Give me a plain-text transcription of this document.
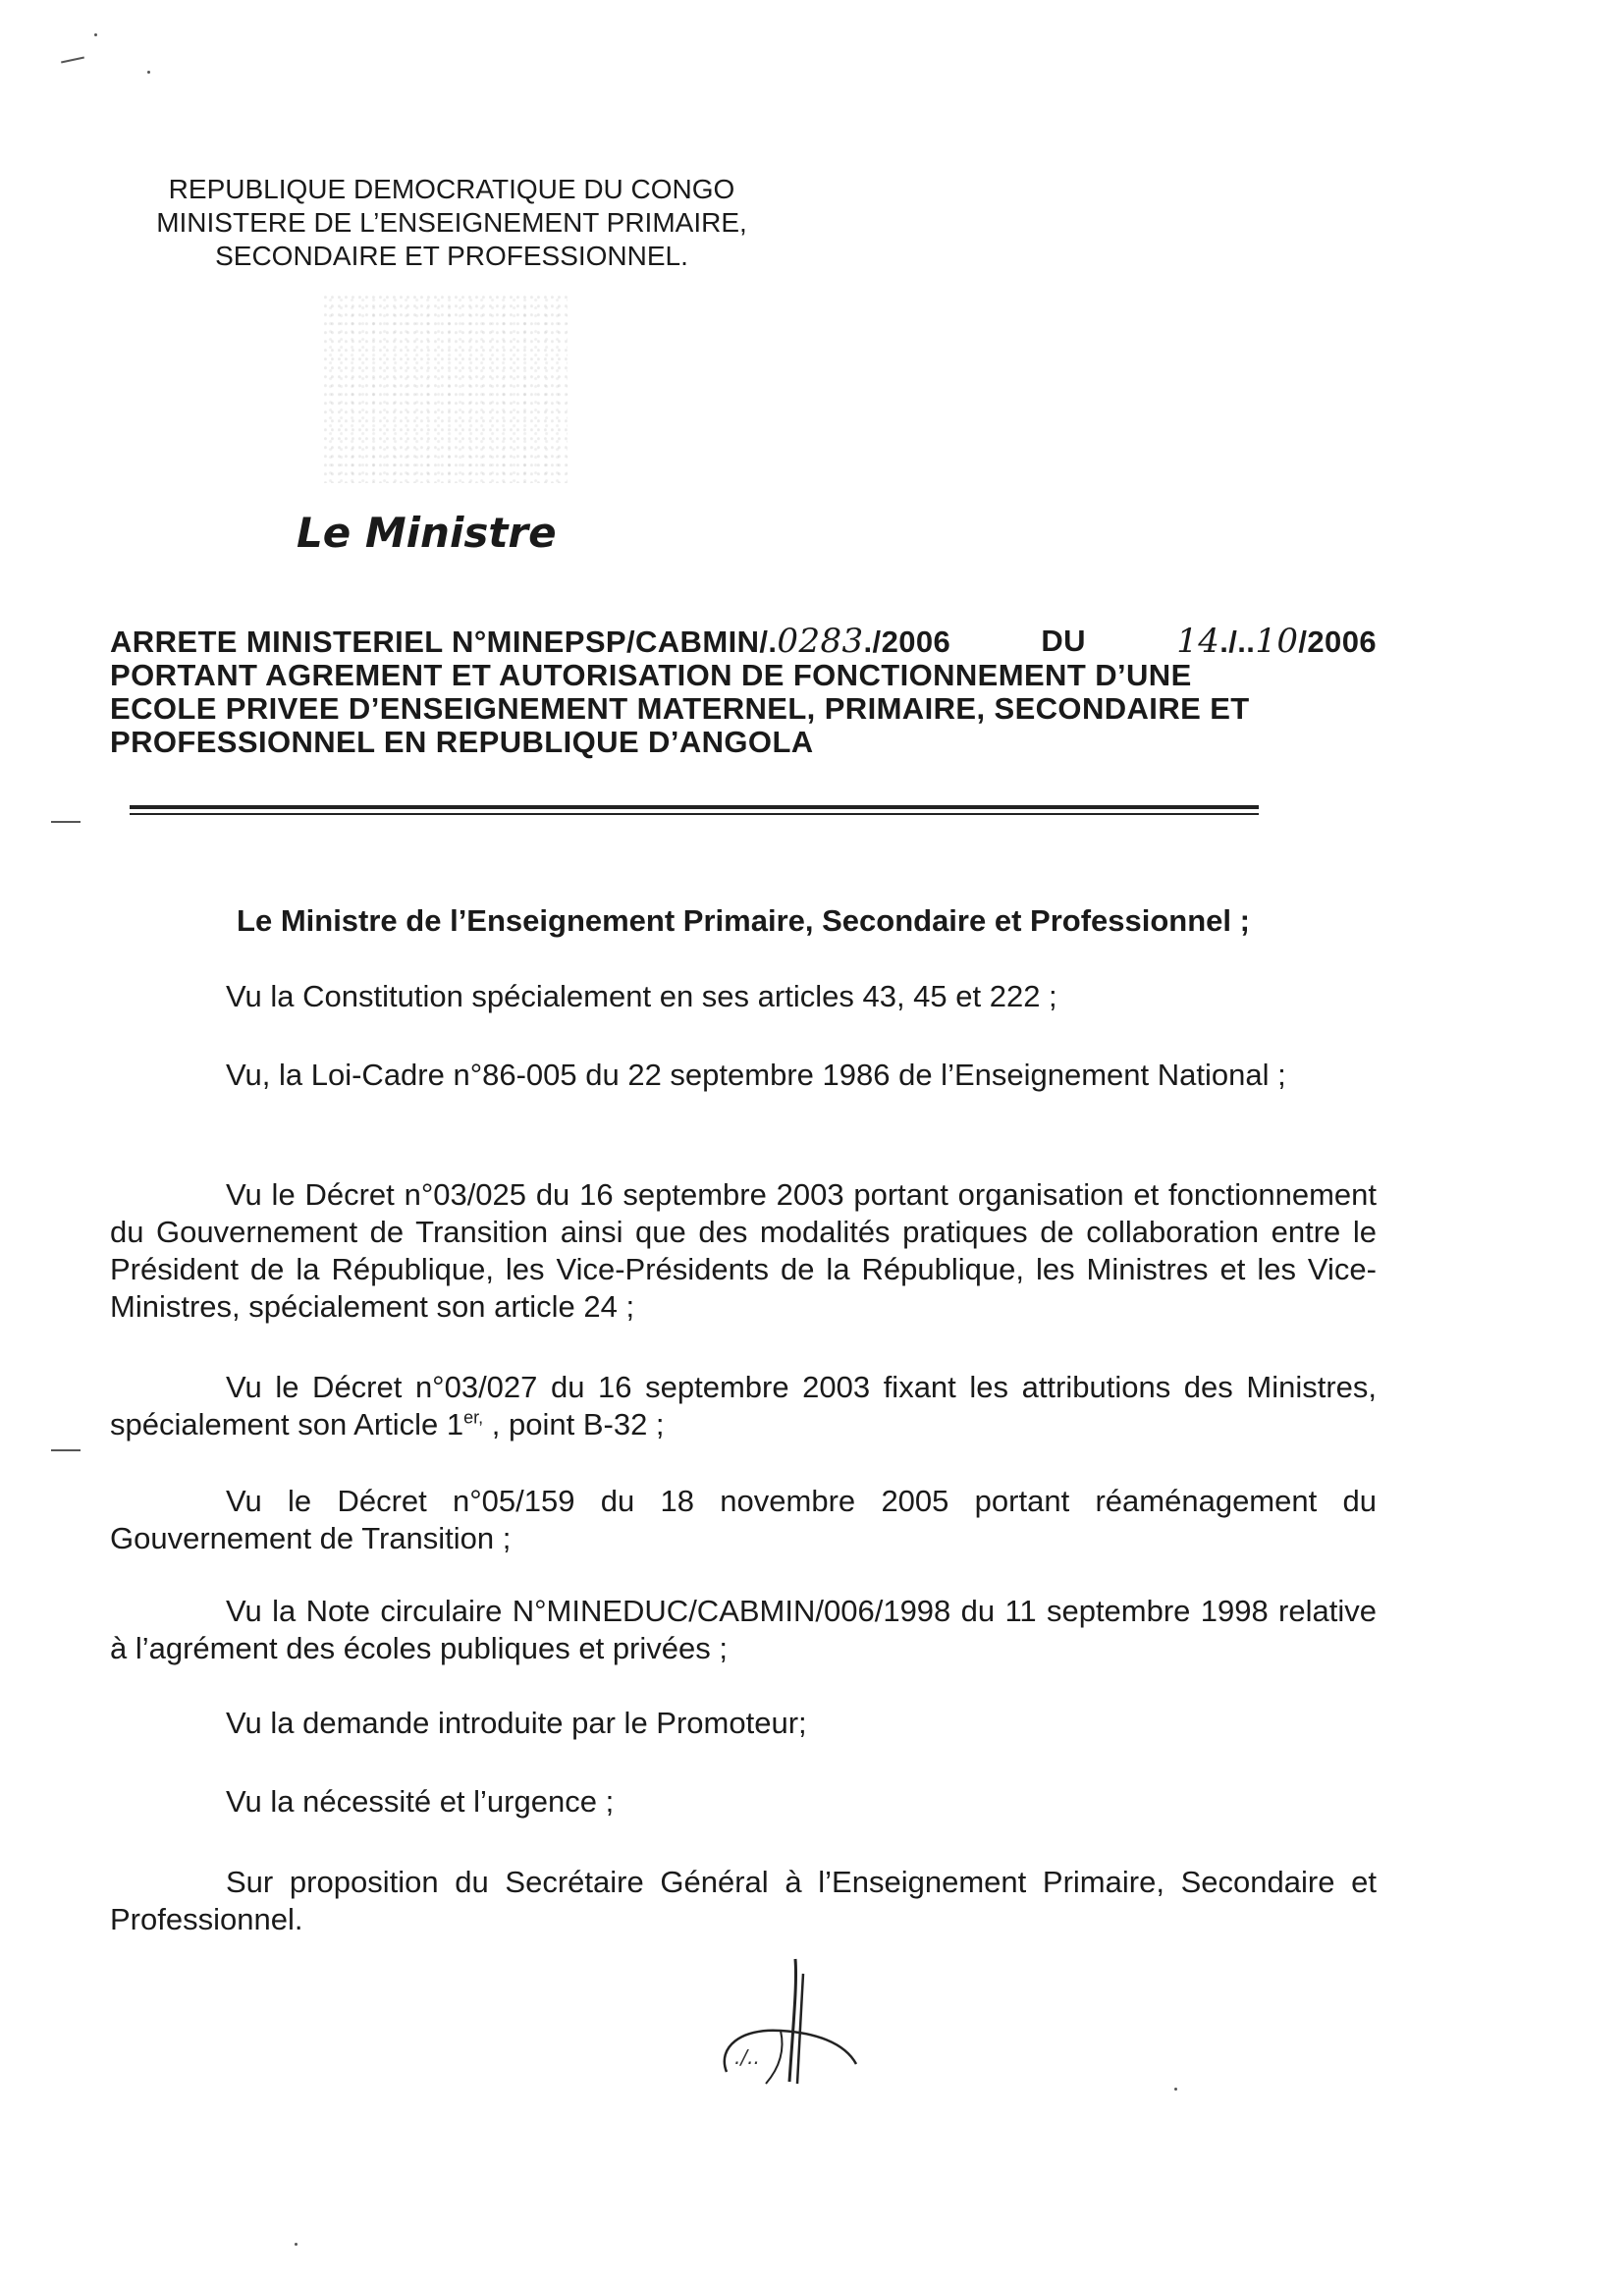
REPUBLIQUE DEMOCRATIQUE DU CONGO
MINISTERE DE L’ENSEIGNEMENT PRIMAIRE,
SECONDAIRE ET PROFESSIONNEL.
Le Ministre
ARRETE MINISTERIEL N°MINEPSP/CABMIN/.0283./2006	DU	14./..10/2006
PORTANT AGREMENT ET AUTORISATION DE FONCTIONNEMENT D’UNE
ECOLE PRIVEE D’ENSEIGNEMENT MATERNEL, PRIMAIRE, SECONDAIRE ET
PROFESSIONNEL EN REPUBLIQUE D’ANGOLA
Le Ministre de l’Enseignement Primaire, Secondaire et Professionnel ;
Vu la Constitution spécialement en ses articles 43, 45 et 222 ;
Vu, la Loi-Cadre n°86-005 du 22 septembre 1986 de l’Enseignement National ;
Vu le Décret n°03/025 du 16 septembre 2003 portant organisation et fonctionnement du Gouvernement de Transition ainsi que des modalités pratiques de collaboration entre le Président de la République, les Vice-Présidents de la République, les Ministres et les Vice-Ministres, spécialement son article 24 ;
Vu le Décret n°03/027 du 16 septembre 2003 fixant les attributions des Ministres, spécialement son Article $1^{er,}$ , point B-32 ;
Vu le Décret n°05/159 du 18 novembre 2005 portant réaménagement du Gouvernement de Transition ;
Vu la Note circulaire N°MINEDUC/CABMIN/006/1998 du 11 septembre 1998 relative à l’agrément des écoles publiques et privées ;
Vu la demande introduite par le Promoteur;
Vu la nécessité et l’urgence ;
Sur proposition du Secrétaire Général à l’Enseignement Primaire, Secondaire et Professionnel.
./..
